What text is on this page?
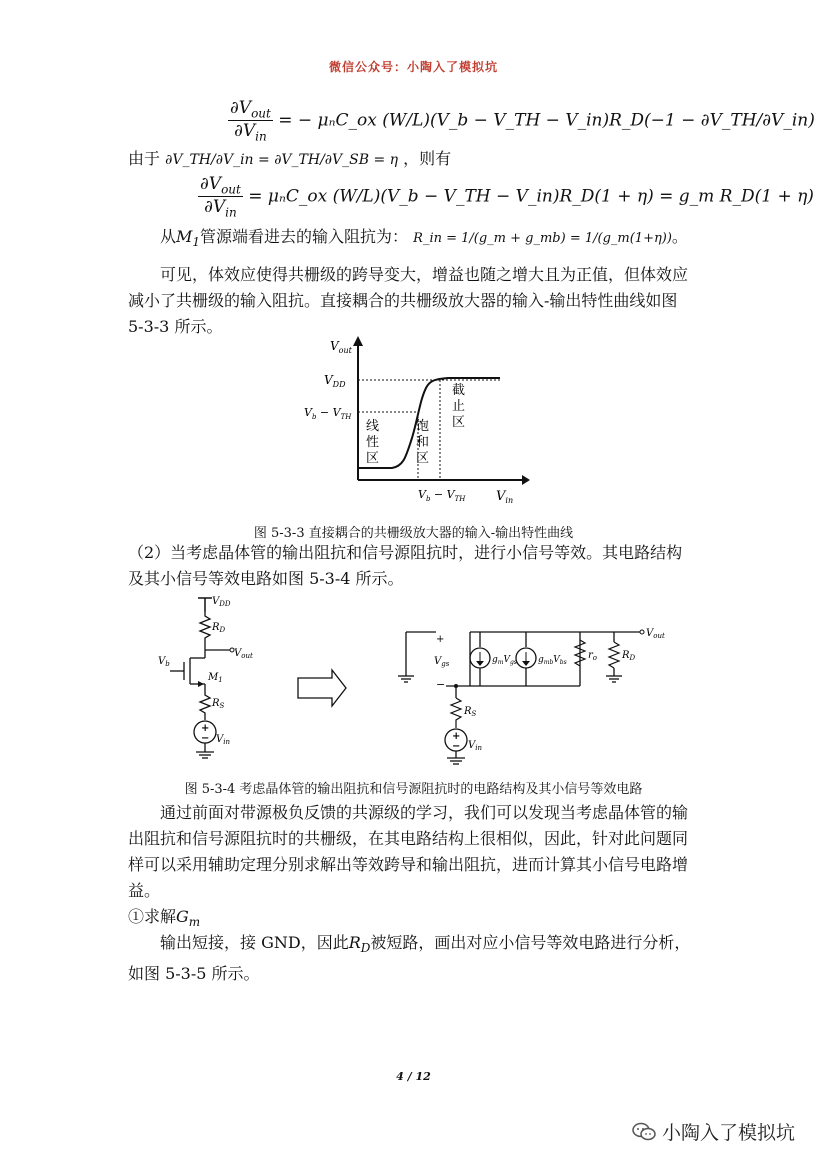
微信公众号：小陶入了模拟坑
$\frac{\partial V_{out}}{\partial V_{in}}$ = − μₙC_ox (W/L)(V_b − V_TH − V_in)R_D(−1 − ∂V_TH/∂V_in)
由于 ∂V_TH/∂V_in = ∂V_TH/∂V_SB = η ，则有
$\frac{\partial V_{out}}{\partial V_{in}}$ = μₙC_ox (W/L)(V_b − V_TH − V_in)R_D(1 + η) = g_m R_D(1 + η)
从$M_1$管源端看进去的输入阻抗为： R_in = 1/(g_m + g_mb) = 1/(g_m(1+η))。
可见，体效应使得共栅级的跨导变大，增益也随之增大且为正值，但体效应
减小了共栅级的输入阻抗。直接耦合的共栅级放大器的输入-输出特性曲线如图
5-3-3 所示。
$V_{out}$
$V_{in}$
$V_{DD}$
$V_b - V_{TH}$
$V_b - V_{TH}$
线
性
区
饱
和
区
截
止
区
图 5-3-3 直接耦合的共栅级放大器的输入-输出特性曲线
（2）当考虑晶体管的输出阻抗和信号源阻抗时，进行小信号等效。其电路结构
及其小信号等效电路如图 5-3-4 所示。
$V_{DD}$
$R_D$
$V_{out}$
$V_b$
$M_1$
$R_S$
+
− $V_{in}$
+
−
$V_{gs}$
$V_{out}$
$g_mV_{gs}$ $g_{mb}V_{bs}$
$r_o$	$R_D$
$R_S$
+
− $V_{in}$
图 5-3-4 考虑晶体管的输出阻抗和信号源阻抗时的电路结构及其小信号等效电路
通过前面对带源极负反馈的共源级的学习，我们可以发现当考虑晶体管的输
出阻抗和信号源阻抗时的共栅级，在其电路结构上很相似，因此，针对此问题同
样可以采用辅助定理分别求解出等效跨导和输出阻抗，进而计算其小信号电路增
益。
①求解$G_m$
输出短接，接 GND，因此$R_D$被短路，画出对应小信号等效电路进行分析，
如图 5-3-5 所示。
4 / 12
小陶入了模拟坑
